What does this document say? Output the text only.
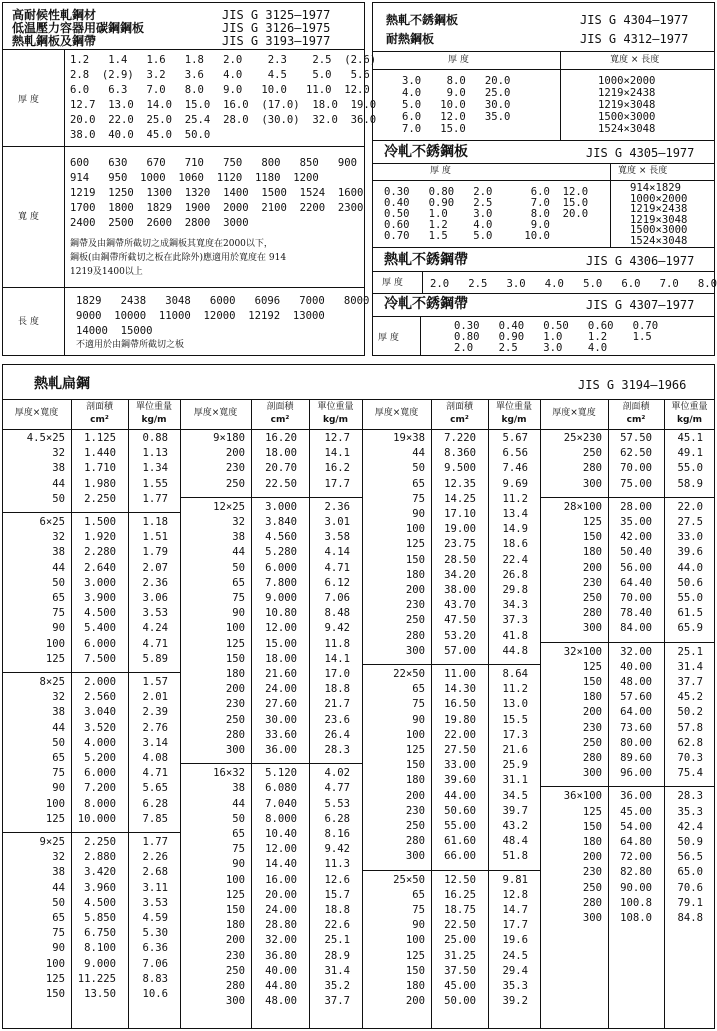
高耐候性軋鋼材
低温壓力容器用碳鋼鋼板
熱軋鋼板及鋼帶
JIS G 3125—1977
JIS G 3126—1975
JIS G 3193—1977
厚 度
1.2   1.4   1.6   1.8   2.0    2.3    2.5  (2.6)
2.8  (2.9)  3.2   3.6   4.0    4.5    5.0   5.6
6.0   6.3   7.0   8.0   9.0   10.0   11.0  12.0
12.7  13.0  14.0  15.0  16.0  (17.0)  18.0  19.0
20.0  22.0  25.0  25.4  28.0  (30.0)  32.0  36.0
38.0  40.0  45.0  50.0
寬 度
600   630   670   710   750   800   850   900
914   950  1000  1060  1120  1180  1200
1219  1250  1300  1320  1400  1500  1524  1600
1700  1800  1829  1900  2000  2100  2200  2300
2400  2500  2600  2800  3000
鋼帶及由鋼帶所截切之成鋼板其寬度在2000以下，
鋼板(由鋼帶所截切之板在此除外)應適用於寬度在 914
1219及1400以上
長 度
1829   2438   3048   6000   6096   7000   8000
9000  10000  11000  12000  12192  13000
14000  15000
不適用於由鋼帶所截切之板
熱軋不銹鋼板
耐熱鋼板
JIS G 4304—1977
JIS G 4312—1977
厚 度	寬度 × 長度
3.0    8.0   20.0
4.0    9.0   25.0
5.0   10.0   30.0
6.0   12.0   35.0
7.0   15.0
1000×2000
1219×2438
1219×3048
1500×3000
1524×3048
冷軋不銹鋼板	JIS G 4305—1977
厚 度	寬度 × 長度
0.30   0.80   2.0      6.0  12.0
0.40   0.90   2.5      7.0  15.0
0.50   1.0    3.0      8.0  20.0
0.60   1.2    4.0      9.0
0.70   1.5    5.0     10.0
914×1829
1000×2000
1219×2438
1219×3048
1500×3000
1524×3048
熱軋不銹鋼帶	JIS G 4306—1977
厚 度	2.0   2.5   3.0   4.0   5.0   6.0   7.0   8.0
冷軋不銹鋼帶	JIS G 4307—1977
厚 度
0.30   0.40   0.50   0.60   0.70
0.80   0.90   1.0    1.2    1.5
2.0    2.5    3.0    4.0
熱軋扁鋼	JIS G 3194—1966
厚度×寬度
剖面積
cm²
單位重量
kg/m
4.5×25	1.125	0.88
32	1.440	1.13
38	1.710	1.34
44	1.980	1.55
50	2.250	1.77
6×25	1.500	1.18
32	1.920	1.51
38	2.280	1.79
44	2.640	2.07
50	3.000	2.36
65	3.900	3.06
75	4.500	3.53
90	5.400	4.24
100	6.000	4.71
125	7.500	5.89
8×25	2.000	1.57
32	2.560	2.01
38	3.040	2.39
44	3.520	2.76
50	4.000	3.14
65	5.200	4.08
75	6.000	4.71
90	7.200	5.65
100	8.000	6.28
125	10.000	7.85
9×25	2.250	1.77
32	2.880	2.26
38	3.420	2.68
44	3.960	3.11
50	4.500	3.53
65	5.850	4.59
75	6.750	5.30
90	8.100	6.36
100	9.000	7.06
125	11.225	8.83
150	13.50	10.6
厚度×寬度
剖面積
cm²
單位重量
kg/m
9×180	16.20	12.7
200	18.00	14.1
230	20.70	16.2
250	22.50	17.7
12×25	3.000	2.36
32	3.840	3.01
38	4.560	3.58
44	5.280	4.14
50	6.000	4.71
65	7.800	6.12
75	9.000	7.06
90	10.80	8.48
100	12.00	9.42
125	15.00	11.8
150	18.00	14.1
180	21.60	17.0
200	24.00	18.8
230	27.60	21.7
250	30.00	23.6
280	33.60	26.4
300	36.00	28.3
16×32	5.120	4.02
38	6.080	4.77
44	7.040	5.53
50	8.000	6.28
65	10.40	8.16
75	12.00	9.42
90	14.40	11.3
100	16.00	12.6
125	20.00	15.7
150	24.00	18.8
180	28.80	22.6
200	32.00	25.1
230	36.80	28.9
250	40.00	31.4
280	44.80	35.2
300	48.00	37.7
厚度×寬度
剖面積
cm²
單位重量
kg/m
19×38	7.220	5.67
44	8.360	6.56
50	9.500	7.46
65	12.35	9.69
75	14.25	11.2
90	17.10	13.4
100	19.00	14.9
125	23.75	18.6
150	28.50	22.4
180	34.20	26.8
200	38.00	29.8
230	43.70	34.3
250	47.50	37.3
280	53.20	41.8
300	57.00	44.8
22×50	11.00	8.64
65	14.30	11.2
75	16.50	13.0
90	19.80	15.5
100	22.00	17.3
125	27.50	21.6
150	33.00	25.9
180	39.60	31.1
200	44.00	34.5
230	50.60	39.7
250	55.00	43.2
280	61.60	48.4
300	66.00	51.8
25×50	12.50	9.81
65	16.25	12.8
75	18.75	14.7
90	22.50	17.7
100	25.00	19.6
125	31.25	24.5
150	37.50	29.4
180	45.00	35.3
200	50.00	39.2
厚度×寬度
剖面積
cm²
單位重量
kg/m
25×230	57.50	45.1
250	62.50	49.1
280	70.00	55.0
300	75.00	58.9
28×100	28.00	22.0
125	35.00	27.5
150	42.00	33.0
180	50.40	39.6
200	56.00	44.0
230	64.40	50.6
250	70.00	55.0
280	78.40	61.5
300	84.00	65.9
32×100	32.00	25.1
125	40.00	31.4
150	48.00	37.7
180	57.60	45.2
200	64.00	50.2
230	73.60	57.8
250	80.00	62.8
280	89.60	70.3
300	96.00	75.4
36×100	36.00	28.3
125	45.00	35.3
150	54.00	42.4
180	64.80	50.9
200	72.00	56.5
230	82.80	65.0
250	90.00	70.6
280	100.8	79.1
300	108.0	84.8
